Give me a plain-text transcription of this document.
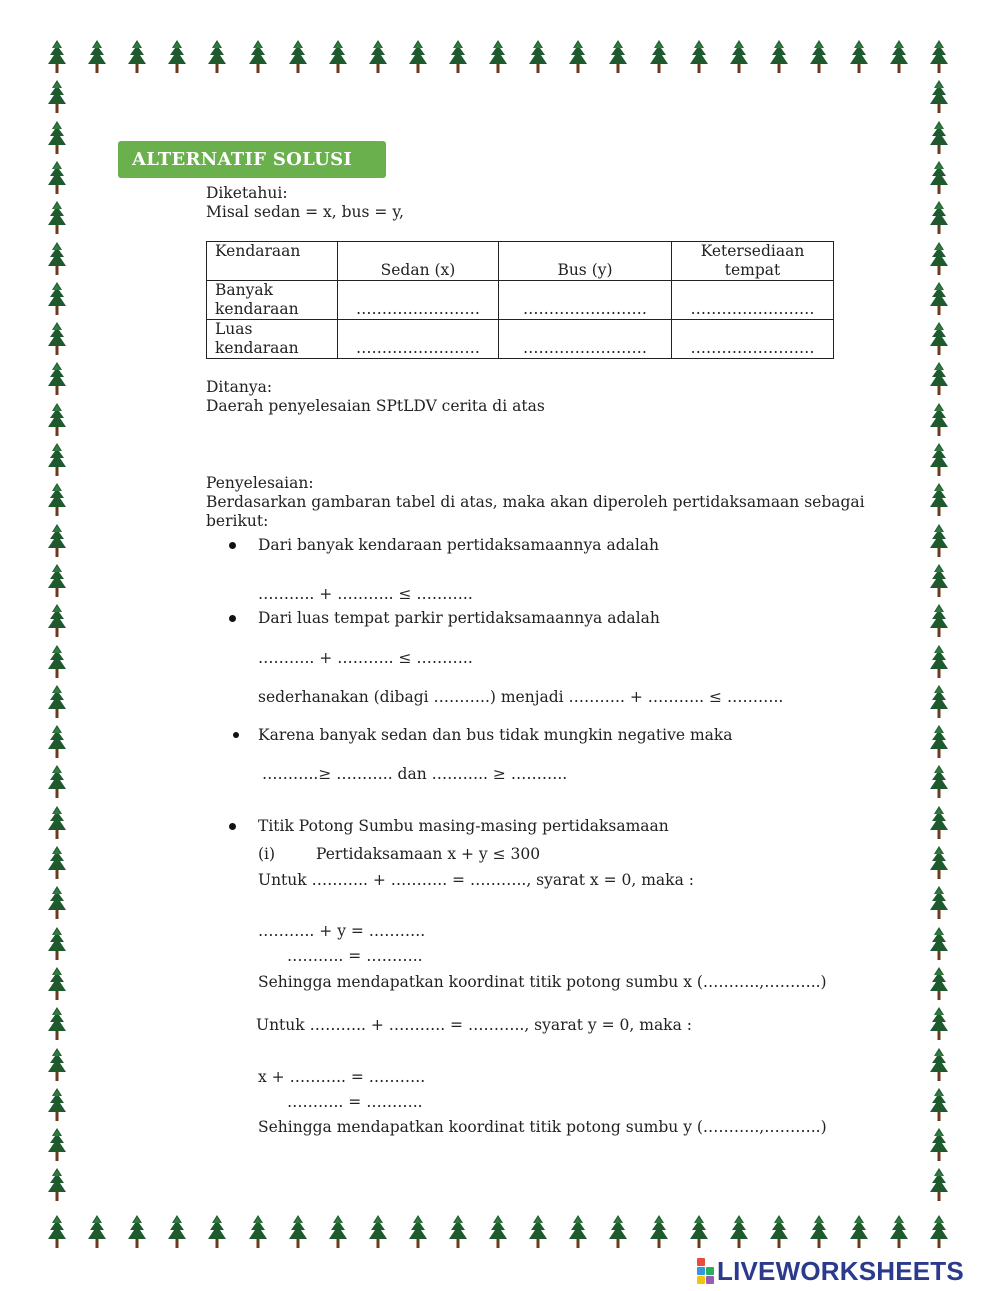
ALTERNATIF SOLUSI
Diketahui:
Misal sedan = x, bus = y,
Kendaraan	Sedan (x)	Bus (y)	Ketersediaan
tempat
Banyak
kendaraan	……………………	……………………	……………………
Luas
kendaraan	……………………	……………………	……………………
Ditanya:
Daerah penyelesaian SPtLDV cerita di atas
Penyelesaian:
Berdasarkan gambaran tabel di atas, maka akan diperoleh pertidaksamaan sebagai
berikut:
Dari banyak kendaraan pertidaksamaannya adalah
……….. + ……….. ≤ ………..
Dari luas tempat parkir pertidaksamaannya adalah
……….. + ……….. ≤ ………..
sederhanakan (dibagi ………..) menjadi ……….. + ……….. ≤ ………..
Karena banyak sedan dan bus tidak mungkin negative maka
………..≥ ……….. dan ……….. ≥ ………..
Titik Potong Sumbu masing-masing pertidaksamaan
(i)	Pertidaksamaan x + y ≤ 300
Untuk ……….. + ……….. = ……….., syarat x = 0, maka :
……….. + y = ………..
……….. = ………..
Sehingga mendapatkan koordinat titik potong sumbu x (………..,………..)
Untuk ……….. + ……….. = ……….., syarat y = 0, maka :
x + ……….. = ………..
……….. = ………..
Sehingga mendapatkan koordinat titik potong sumbu y (………..,………..)
LIVEWORKSHEETS
